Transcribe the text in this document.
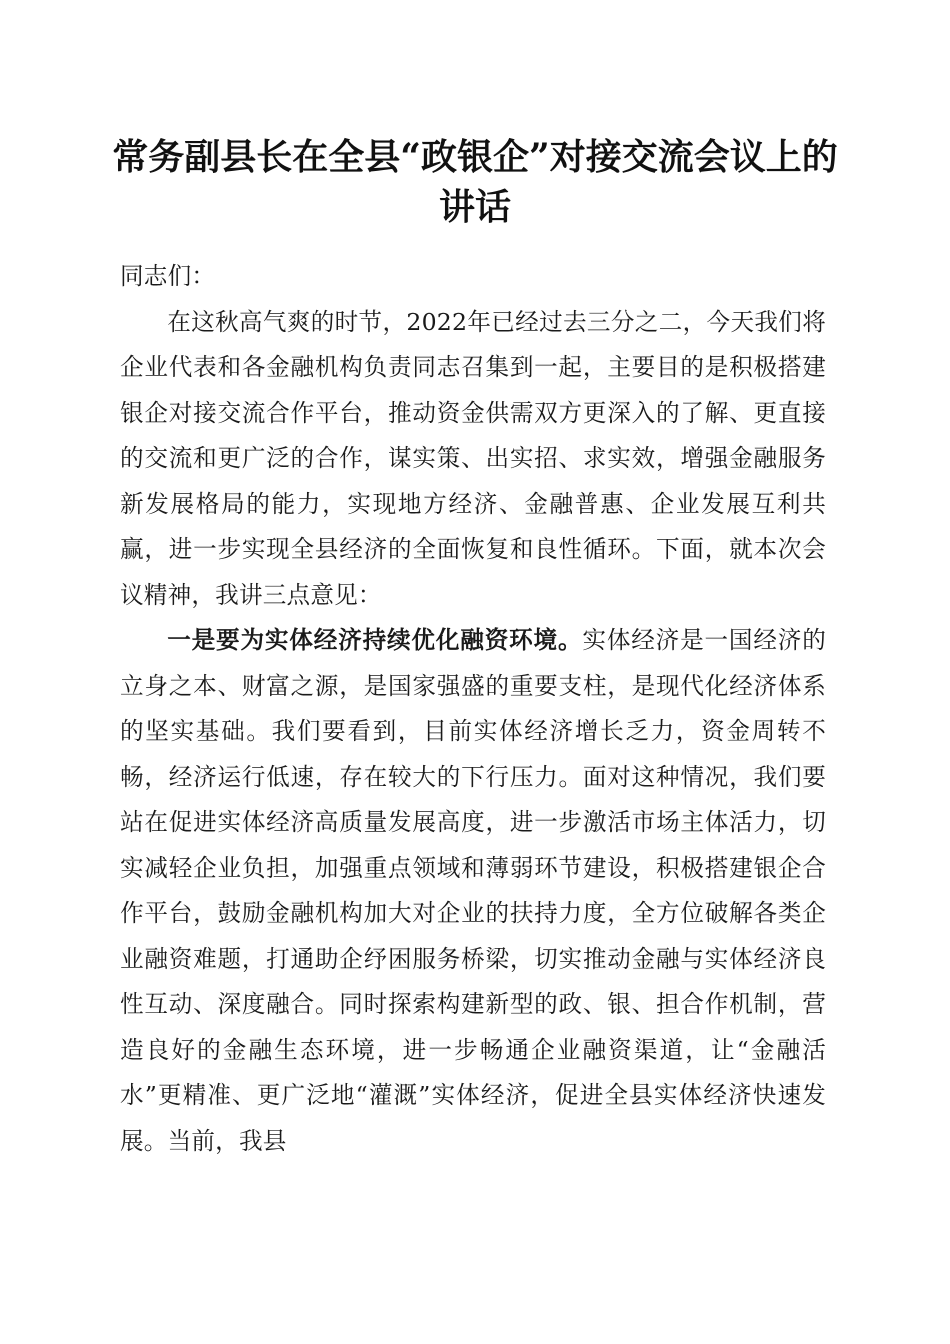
常务副县长在全县“政银企”对接交流会议上的讲话

同志们：

在这秋高气爽的时节，2022年已经过去三分之二，今天我们将企业代表和各金融机构负责同志召集到一起，主要目的是积极搭建银企对接交流合作平台，推动资金供需双方更深入的了解、更直接的交流和更广泛的合作，谋实策、出实招、求实效，增强金融服务新发展格局的能力，实现地方经济、金融普惠、企业发展互利共赢，进一步实现全县经济的全面恢复和良性循环。下面，就本次会议精神，我讲三点意见：

一是要为实体经济持续优化融资环境。实体经济是一国经济的立身之本、财富之源，是国家强盛的重要支柱，是现代化经济体系的坚实基础。我们要看到，目前实体经济增长乏力，资金周转不畅，经济运行低速，存在较大的下行压力。面对这种情况，我们要站在促进实体经济高质量发展高度，进一步激活市场主体活力，切实减轻企业负担，加强重点领域和薄弱环节建设，积极搭建银企合作平台，鼓励金融机构加大对企业的扶持力度，全方位破解各类企业融资难题，打通助企纾困服务桥梁，切实推动金融与实体经济良性互动、深度融合。同时探索构建新型的政、银、担合作机制，营造良好的金融生态环境，进一步畅通企业融资渠道，让“金融活水”更精准、更广泛地“灌溉”实体经济，促进全县实体经济快速发展。当前，我县
